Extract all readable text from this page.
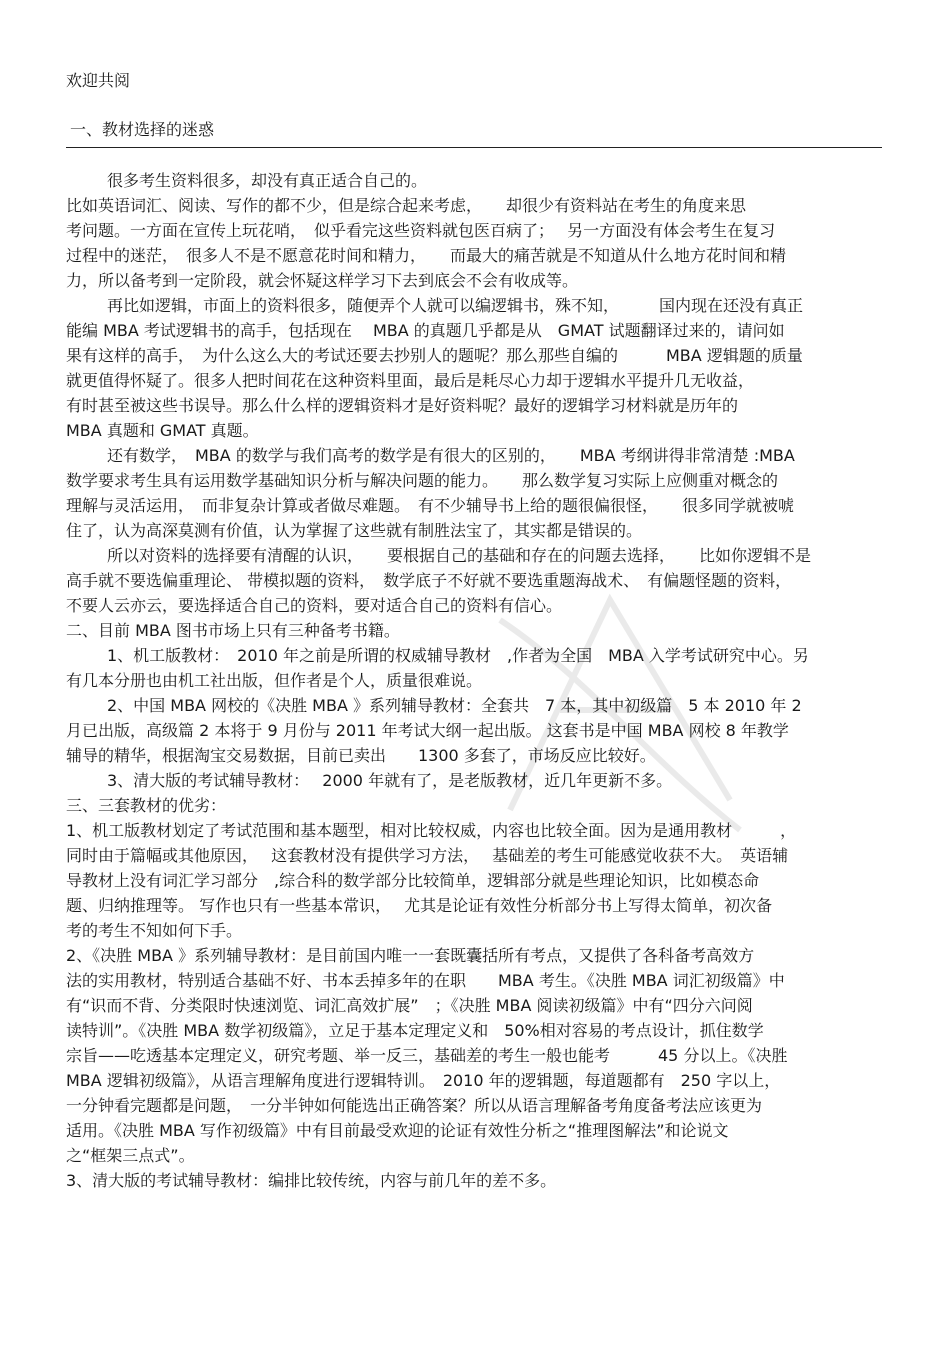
欢迎共阅
一、教材选择的迷惑
很多考生资料很多，却没有真正适合自己的。
比如英语词汇、阅读、写作的都不少，但是综合起来考虑，　　却很少有资料站在考生的角度来思
考问题。一方面在宣传上玩花哨，　似乎看完这些资料就包医百病了；　 另一方面没有体会考生在复习
过程中的迷茫，　很多人不是不愿意花时间和精力，　　而最大的痛苦就是不知道从什么地方花时间和精
力，所以备考到一定阶段，就会怀疑这样学习下去到底会不会有收成等。
再比如逻辑，市面上的资料很多，随便弄个人就可以编逻辑书，殊不知，　　　国内现在还没有真正
能编 MBA 考试逻辑书的高手，包括现在　 MBA 的真题几乎都是从　GMAT 试题翻译过来的，请问如
果有这样的高手，　为什么这么大的考试还要去抄别人的题呢？那么那些自编的　　　MBA 逻辑题的质量
就更值得怀疑了。很多人把时间花在这种资料里面，最后是耗尽心力却于逻辑水平提升几无收益，
有时甚至被这些书误导。那么什么样的逻辑资料才是好资料呢？最好的逻辑学习材料就是历年的
MBA 真题和 GMAT 真题。
还有数学，　MBA 的数学与我们高考的数学是有很大的区别的，　　MBA 考纲讲得非常清楚 :MBA
数学要求考生具有运用数学基础知识分析与解决问题的能力。　　那么数学复习实际上应侧重对概念的
理解与灵活运用，　而非复杂计算或者做尽难题。　有不少辅导书上给的题很偏很怪，　　很多同学就被唬
住了，认为高深莫测有价值，认为掌握了这些就有制胜法宝了，其实都是错误的。
所以对资料的选择要有清醒的认识，　　要根据自己的基础和存在的问题去选择，　　比如你逻辑不是
高手就不要选偏重理论、 带模拟题的资料，　数学底子不好就不要选重题海战术、　有偏题怪题的资料，
不要人云亦云，要选择适合自己的资料，要对适合自己的资料有信心。
二、目前 MBA 图书市场上只有三种备考书籍。
1、机工版教材：　2010 年之前是所谓的权威辅导教材　,作者为全国　MBA 入学考试研究中心。另
有几本分册也由机工社出版，但作者是个人，质量很难说。
2、中国 MBA 网校的《决胜 MBA 》系列辅导教材：全套共　7 本，其中初级篇　5 本 2010 年 2
月已出版，高级篇 2 本将于 9 月份与 2011 年考试大纲一起出版。 这套书是中国 MBA 网校 8 年教学
辅导的精华，根据淘宝交易数据，目前已卖出　　1300 多套了，市场反应比较好。
3、清大版的考试辅导教材：　 2000 年就有了，是老版教材，近几年更新不多。
三、三套教材的优劣：
1、机工版教材划定了考试范围和基本题型，相对比较权威，内容也比较全面。因为是通用教材　　　，
同时由于篇幅或其他原因，　 这套教材没有提供学习方法，　 基础差的考生可能感觉收获不大。　英语辅
导教材上没有词汇学习部分　,综合科的数学部分比较简单，逻辑部分就是些理论知识，比如模态命
题、归纳推理等。 写作也只有一些基本常识，　 尤其是论证有效性分析部分书上写得太简单，初次备
考的考生不知如何下手。
2、《决胜 MBA 》系列辅导教材：是目前国内唯一一套既囊括所有考点，又提供了各科备考高效方
法的实用教材，特别适合基础不好、书本丢掉多年的在职　　MBA 考生。《决胜 MBA 词汇初级篇》中
有“识而不背、分类限时快速浏览、词汇高效扩展”　；《决胜 MBA 阅读初级篇》中有“四分六问阅
读特训”。《决胜 MBA 数学初级篇》，立足于基本定理定义和　50%相对容易的考点设计，抓住数学
宗旨——吃透基本定理定义，研究考题、举一反三，基础差的考生一般也能考　　　45 分以上。《决胜
MBA 逻辑初级篇》，从语言理解角度进行逻辑特训。　2010 年的逻辑题，每道题都有　250 字以上，
一分钟看完题都是问题，　一分半钟如何能选出正确答案？所以从语言理解备考角度备考法应该更为
适用。《决胜 MBA 写作初级篇》中有目前最受欢迎的论证有效性分析之“推理图解法”和论说文
之“框架三点式”。
3、清大版的考试辅导教材：编排比较传统，内容与前几年的差不多。
